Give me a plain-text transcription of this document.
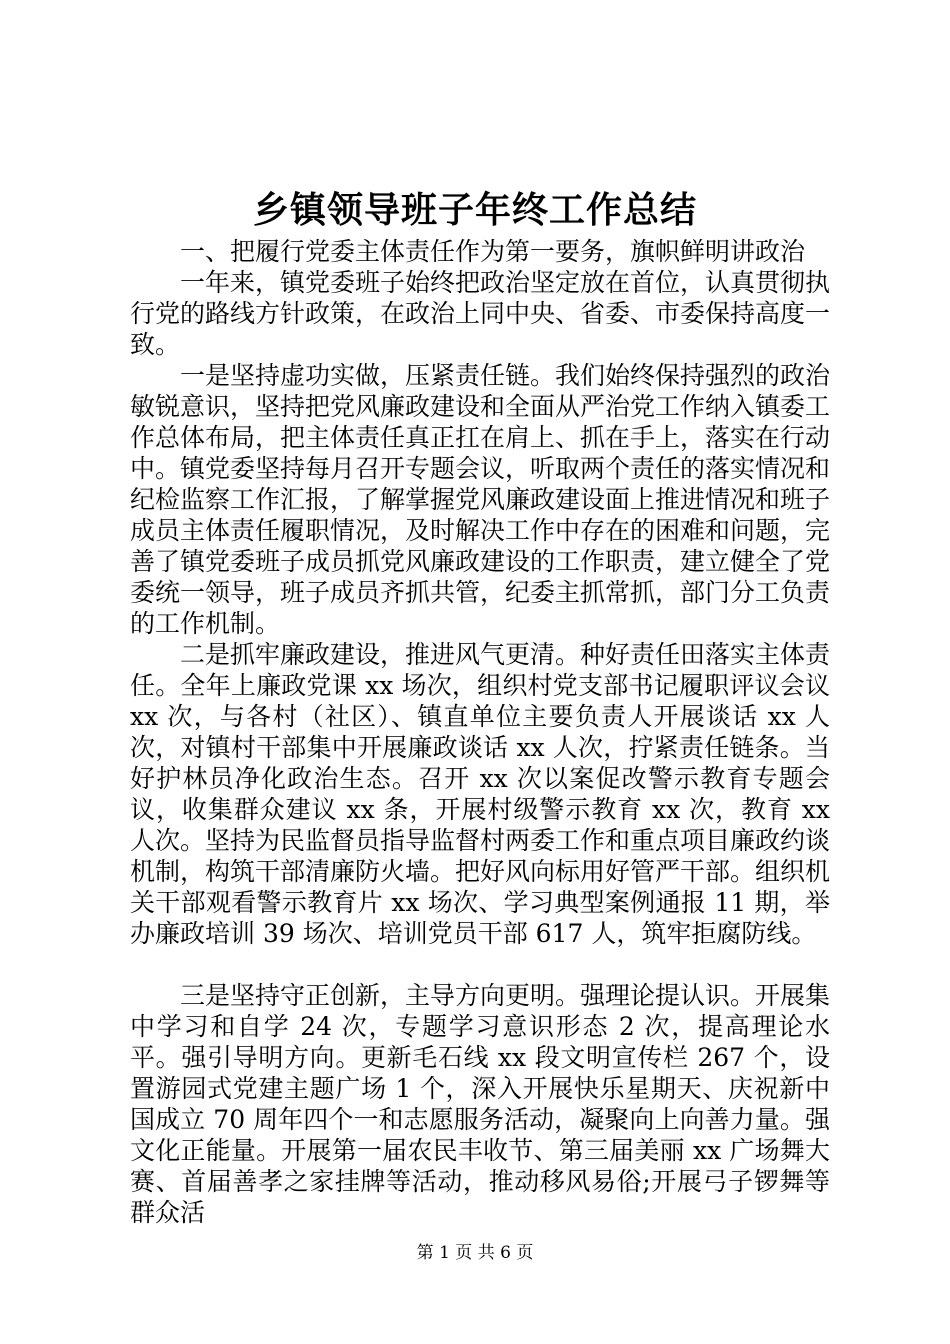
乡镇领导班子年终工作总结

一、把履行党委主体责任作为第一要务，旗帜鲜明讲政治

一年来，镇党委班子始终把政治坚定放在首位，认真贯彻执行党的路线方针政策，在政治上同中央、省委、市委保持高度一致。

一是坚持虚功实做，压紧责任链。我们始终保持强烈的政治敏锐意识，坚持把党风廉政建设和全面从严治党工作纳入镇委工作总体布局，把主体责任真正扛在肩上、抓在手上，落实在行动中。镇党委坚持每月召开专题会议，听取两个责任的落实情况和纪检监察工作汇报，了解掌握党风廉政建设面上推进情况和班子成员主体责任履职情况，及时解决工作中存在的困难和问题，完善了镇党委班子成员抓党风廉政建设的工作职责，建立健全了党委统一领导，班子成员齐抓共管，纪委主抓常抓，部门分工负责的工作机制。

二是抓牢廉政建设，推进风气更清。种好责任田落实主体责任。全年上廉政党课 xx 场次，组织村党支部书记履职评议会议 xx 次，与各村（社区）、镇直单位主要负责人开展谈话 xx 人次，对镇村干部集中开展廉政谈话 xx 人次，拧紧责任链条。当好护林员净化政治生态。召开 xx 次以案促改警示教育专题会议，收集群众建议 xx 条，开展村级警示教育 xx 次，教育 xx 人次。坚持为民监督员指导监督村两委工作和重点项目廉政约谈机制，构筑干部清廉防火墙。把好风向标用好管严干部。组织机关干部观看警示教育片 xx 场次、学习典型案例通报 11 期，举办廉政培训 39 场次、培训党员干部 617 人，筑牢拒腐防线。

三是坚持守正创新，主导方向更明。强理论提认识。开展集中学习和自学 24 次，专题学习意识形态 2 次，提高理论水平。强引导明方向。更新毛石线 xx 段文明宣传栏 267 个，设置游园式党建主题广场 1 个，深入开展快乐星期天、庆祝新中国成立 70 周年四个一和志愿服务活动，凝聚向上向善力量。强文化正能量。开展第一届农民丰收节、第三届美丽 xx 广场舞大赛、首届善孝之家挂牌等活动，推动移风易俗;开展弓子锣舞等群众活

第 1 页 共 6 页
